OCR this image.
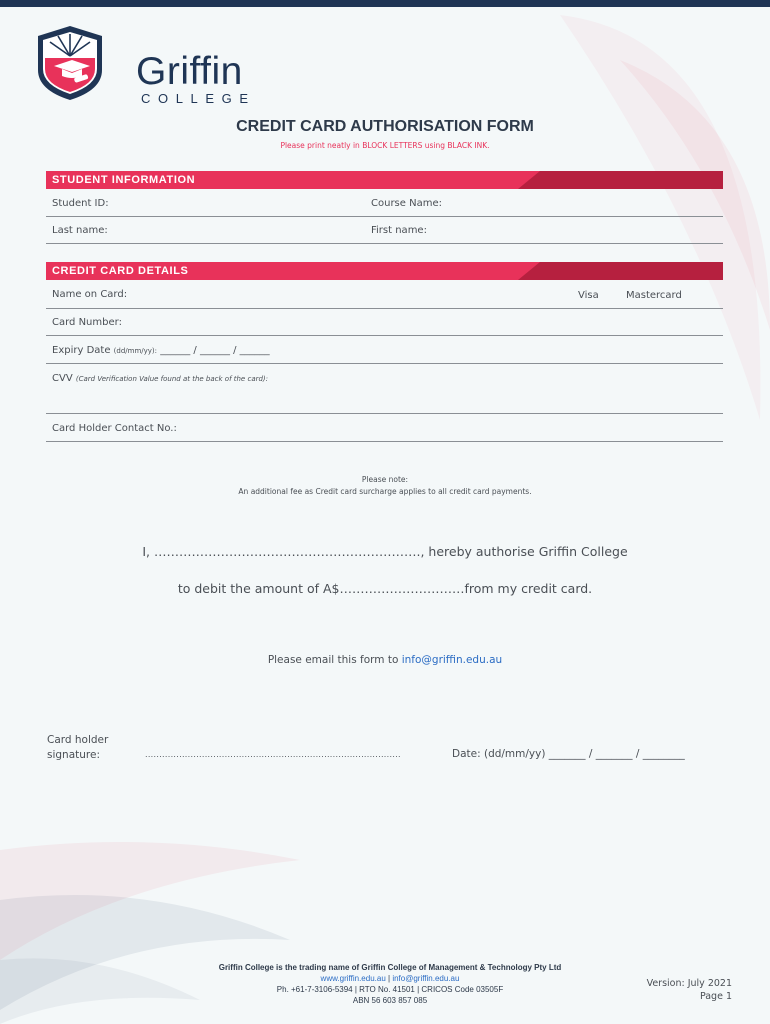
Griffin
COLLEGE
CREDIT CARD AUTHORISATION FORM
Please print neatly in BLOCK LETTERS using BLACK INK.
STUDENT INFORMATION
Student ID:	Course Name:
Last name:	First name:
CREDIT CARD DETAILS
Name on Card:	Visa	Mastercard
Card Number:
Expiry Date (dd/mm/yy): ______ / ______ / ______
CVV (Card Verification Value found at the back of the card):
Card Holder Contact No.:
Please note:
An additional fee as Credit card surcharge applies to all credit card payments.
I, ………………………………………………………., hereby authorise Griffin College
to debit the amount of A$…………………………from my credit card.
Please email this form to info@griffin.edu.au
Card holder
signature:	..........................................................................................	Date: (dd/mm/yy) _______ / _______ / ________
Griffin College is the trading name of Griffin College of Management & Technology Pty Ltd
www.griffin.edu.au | info@griffin.edu.au
Ph. +61-7-3106-5394 | RTO No. 41501 | CRICOS Code 03505F
ABN 56 603 857 085
Version: July 2021
Page 1
